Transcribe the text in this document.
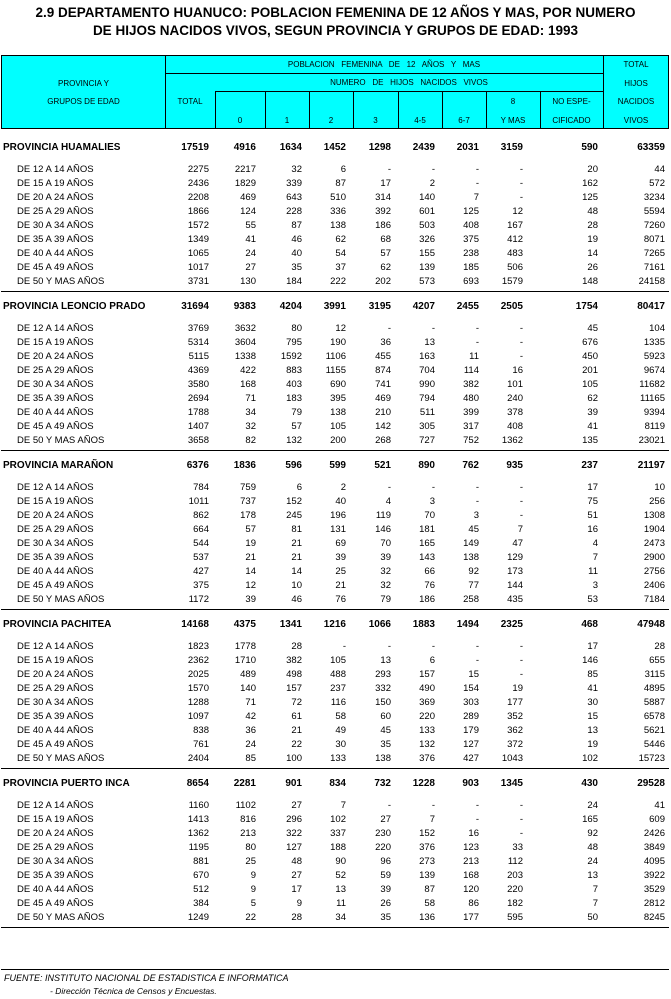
2.9 DEPARTAMENTO HUANUCO: POBLACION FEMENINA DE 12 AÑOS Y MAS, POR NUMERO
DE HIJOS NACIDOS VIVOS, SEGUN PROVINCIA Y GRUPOS DE EDAD: 1993
PROVINCIA Y
GRUPOS DE EDAD
POBLACION   FEMENINA   DE   12   AÑOS   Y   MAS
NUMERO   DE   HIJOS   NACIDOS   VIVOS
TOTAL
0	1	2	3	4-5	6-7
8
Y MAS
NO ESPE-
CIFICADO
TOTAL
HIJOS
NACIDOS
VIVOS
PROVINCIA HUAMALIES	17519 4916 1634 1452 1298 2439 2031 3159	590	63359
DE 12 A 14 AÑOS	2275	2217	32	6	-	-	-	-	20	44
DE 15 A 19 AÑOS	2436	1829	339	87	17	2	-	-	162	572
DE 20 A 24 AÑOS	2208	469	643	510	314	140	7	-	125	3234
DE 25 A 29 AÑOS	1866	124	228	336	392	601	125	12	48	5594
DE 30 A 34 AÑOS	1572	55	87	138	186	503	408	167	28	7260
DE 35 A 39 AÑOS	1349	41	46	62	68	326	375	412	19	8071
DE 40 A 44 AÑOS	1065	24	40	54	57	155	238	483	14	7265
DE 45 A 49 AÑOS	1017	27	35	37	62	139	185	506	26	7161
DE 50 Y MAS AÑOS	3731	130	184	222	202	573	693 1579	148	24158
PROVINCIA LEONCIO PRADO	31694 9383 4204 3991 3195 4207 2455 2505	1754	80417
DE 12 A 14 AÑOS	3769	3632	80	12	-	-	-	-	45	104
DE 15 A 19 AÑOS	5314	3604	795	190	36	13	-	-	676	1335
DE 20 A 24 AÑOS	5115	1338	1592 1106	455	163	11	-	450	5923
DE 25 A 29 AÑOS	4369	422	883 1155	874	704	114	16	201	9674
DE 30 A 34 AÑOS	3580	168	403	690	741	990	382	101	105	11682
DE 35 A 39 AÑOS	2694	71	183	395	469	794	480	240	62	11165
DE 40 A 44 AÑOS	1788	34	79	138	210	511	399	378	39	9394
DE 45 A 49 AÑOS	1407	32	57	105	142	305	317	408	41	8119
DE 50 Y MAS AÑOS	3658	82	132	200	268	727	752 1362	135	23021
PROVINCIA MARAÑON	6376 1836	596	599	521	890	762	935	237	21197
DE 12 A 14 AÑOS	784	759	6	2	-	-	-	-	17	10
DE 15 A 19 AÑOS	1011	737	152	40	4	3	-	-	75	256
DE 20 A 24 AÑOS	862	178	245	196	119	70	3	-	51	1308
DE 25 A 29 AÑOS	664	57	81	131	146	181	45	7	16	1904
DE 30 A 34 AÑOS	544	19	21	69	70	165	149	47	4	2473
DE 35 A 39 AÑOS	537	21	21	39	39	143	138	129	7	2900
DE 40 A 44 AÑOS	427	14	14	25	32	66	92	173	11	2756
DE 45 A 49 AÑOS	375	12	10	21	32	76	77	144	3	2406
DE 50 Y MAS AÑOS	1172	39	46	76	79	186	258	435	53	7184
PROVINCIA PACHITEA	14168 4375 1341 1216 1066 1883 1494 2325	468	47948
DE 12 A 14 AÑOS	1823	1778	28	-	-	-	-	-	17	28
DE 15 A 19 AÑOS	2362	1710	382	105	13	6	-	-	146	655
DE 20 A 24 AÑOS	2025	489	498	488	293	157	15	-	85	3115
DE 25 A 29 AÑOS	1570	140	157	237	332	490	154	19	41	4895
DE 30 A 34 AÑOS	1288	71	72	116	150	369	303	177	30	5887
DE 35 A 39 AÑOS	1097	42	61	58	60	220	289	352	15	6578
DE 40 A 44 AÑOS	838	36	21	49	45	133	179	362	13	5621
DE 45 A 49 AÑOS	761	24	22	30	35	132	127	372	19	5446
DE 50 Y MAS AÑOS	2404	85	100	133	138	376	427 1043	102	15723
PROVINCIA PUERTO INCA	8654 2281	901	834	732 1228	903 1345	430	29528
DE 12 A 14 AÑOS	1160	1102	27	7	-	-	-	-	24	41
DE 15 A 19 AÑOS	1413	816	296	102	27	7	-	-	165	609
DE 20 A 24 AÑOS	1362	213	322	337	230	152	16	-	92	2426
DE 25 A 29 AÑOS	1195	80	127	188	220	376	123	33	48	3849
DE 30 A 34 AÑOS	881	25	48	90	96	273	213	112	24	4095
DE 35 A 39 AÑOS	670	9	27	52	59	139	168	203	13	3922
DE 40 A 44 AÑOS	512	9	17	13	39	87	120	220	7	3529
DE 45 A 49 AÑOS	384	5	9	11	26	58	86	182	7	2812
DE 50 Y MAS AÑOS	1249	22	28	34	35	136	177	595	50	8245
FUENTE: INSTITUTO NACIONAL DE ESTADISTICA E INFORMATICA
- Dirección Técnica de Censos y Encuestas.
